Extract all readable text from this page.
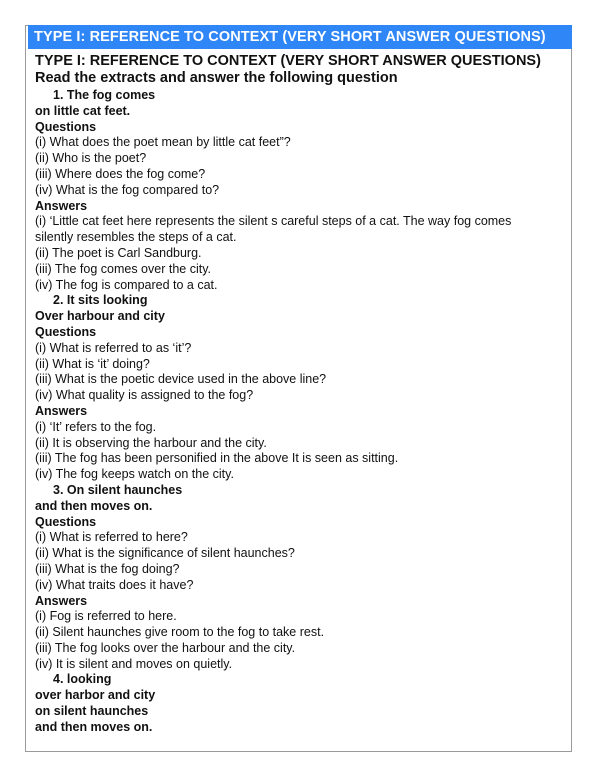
TYPE I: REFERENCE TO CONTEXT (VERY SHORT ANSWER QUESTIONS)
TYPE I: REFERENCE TO CONTEXT (VERY SHORT ANSWER QUESTIONS)
Read the extracts and answer the following question
1. The fog comes
on little cat feet.
Questions
(i) What does the poet mean by little cat feet”?
(ii) Who is the poet?
(iii) Where does the fog come?
(iv) What is the fog compared to?
Answers
(i) ‘Little cat feet here represents the silent s careful steps of a cat. The way fog comes
silently resembles the steps of a cat.
(ii) The poet is Carl Sandburg.
(iii) The fog comes over the city.
(iv) The fog is compared to a cat.
2. It sits looking
Over harbour and city
Questions
(i) What is referred to as ‘it’?
(ii) What is ‘it’ doing?
(iii) What is the poetic device used in the above line?
(iv) What quality is assigned to the fog?
Answers
(i) ‘It’ refers to the fog.
(ii) It is observing the harbour and the city.
(iii) The fog has been personified in the above It is seen as sitting.
(iv) The fog keeps watch on the city.
3. On silent haunches
and then moves on.
Questions
(i) What is referred to here?
(ii) What is the significance of silent haunches?
(iii) What is the fog doing?
(iv) What traits does it have?
Answers
(i) Fog is referred to here.
(ii) Silent haunches give room to the fog to take rest.
(iii) The fog looks over the harbour and the city.
(iv) It is silent and moves on quietly.
4. looking
over harbor and city
on silent haunches
and then moves on.
